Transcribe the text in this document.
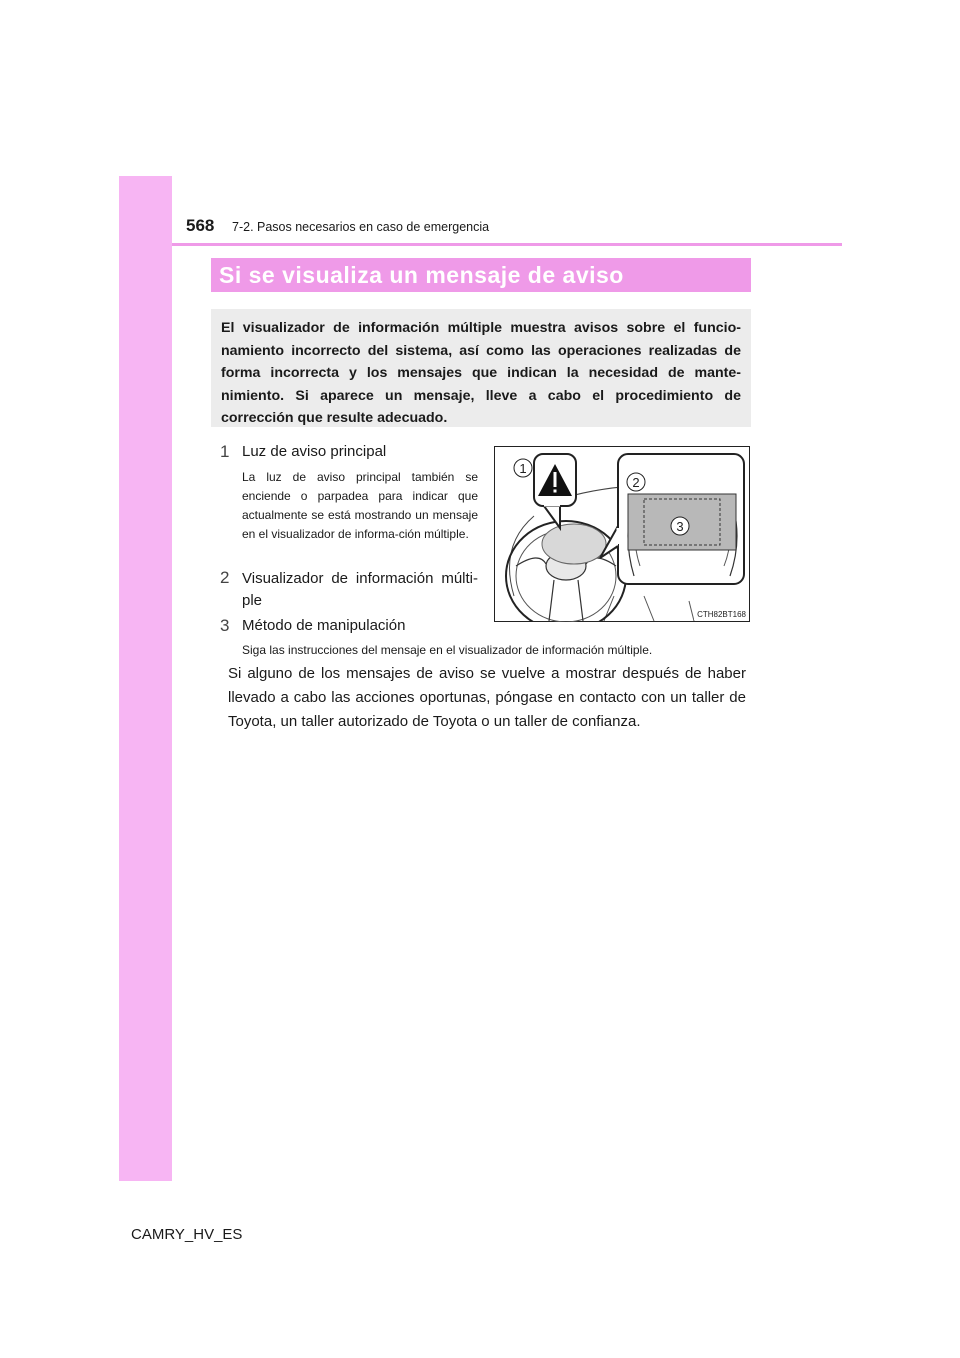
568 7-2. Pasos necesarios en caso de emergencia
Si se visualiza un mensaje de aviso
El visualizador de información múltiple muestra avisos sobre el funcio-namiento incorrecto del sistema, así como las operaciones realizadas de forma incorrecta y los mensajes que indican la necesidad de mante-nimiento. Si aparece un mensaje, lleve a cabo el procedimiento de corrección que resulte adecuado.
1 Luz de aviso principal
La luz de aviso principal también se enciende o parpadea para indicar que actualmente se está mostrando un mensaje en el visualizador de informa-ción múltiple.
2 Visualizador de información múlti-ple
3 Método de manipulación
Siga las instrucciones del mensaje en el visualizador de información múltiple.
Si alguno de los mensajes de aviso se vuelve a mostrar después de haber llevado a cabo las acciones oportunas, póngase en contacto con un taller de Toyota, un taller autorizado de Toyota o un taller de confianza.
1
2
3
CTH82BT168
CAMRY_HV_ES
